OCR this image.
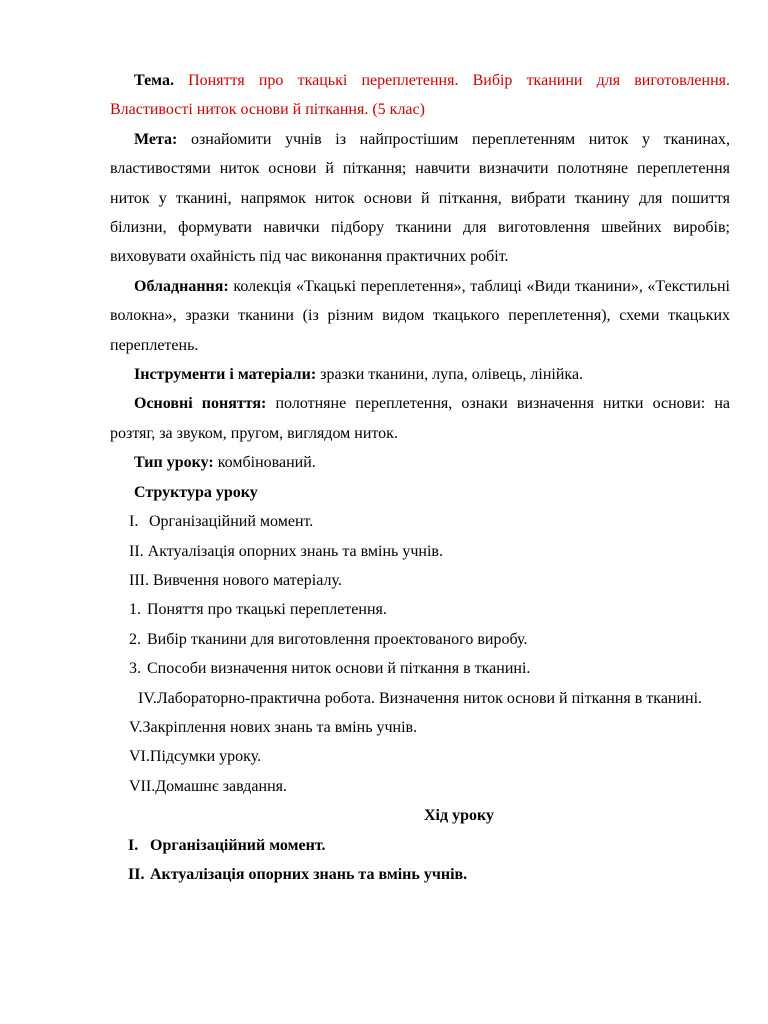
Тема. Поняття про ткацькі переплетення. Вибір тканини для виготовлення. Властивості ниток основи й піткання. (5 клас)

Мета: ознайомити учнів із найпростішим переплетенням ниток у тканинах, властивостями ниток основи й піткання; навчити визначити полотняне переплетення ниток у тканині, напрямок ниток основи й піткання, вибрати тканину для пошиття білизни, формувати навички підбору тканини для виготовлення швейних виробів; виховувати охайність під час виконання практичних робіт.

Обладнання: колекція «Ткацькі переплетення», таблиці «Види тканини», «Текстильні волокна», зразки тканини (із різним видом ткацького переплетення), схеми ткацьких переплетень.

Інструменти і матеріали: зразки тканини, лупа, олівець, лінійка.

Основні поняття: полотняне переплетення, ознаки визначення нитки основи: на розтяг, за звуком, пругом, виглядом ниток.

Тип уроку: комбінований.

Структура уроку

I. Організаційний момент.

II. Актуалізація опорних знань та вмінь учнів.

III. Вивчення нового матеріалу.

1. Поняття про ткацькі переплетення.

2. Вибір тканини для виготовлення проектованого виробу.

3. Способи визначення ниток основи й піткання в тканині.

IV.Лабораторно-практична робота. Визначення ниток основи й піткання в тканині.

V.Закріплення нових знань та вмінь учнів.

VI.Підсумки уроку.

VII.Домашнє завдання.

Хід уроку

I. Організаційний момент.

II. Актуалізація опорних знань та вмінь учнів.
